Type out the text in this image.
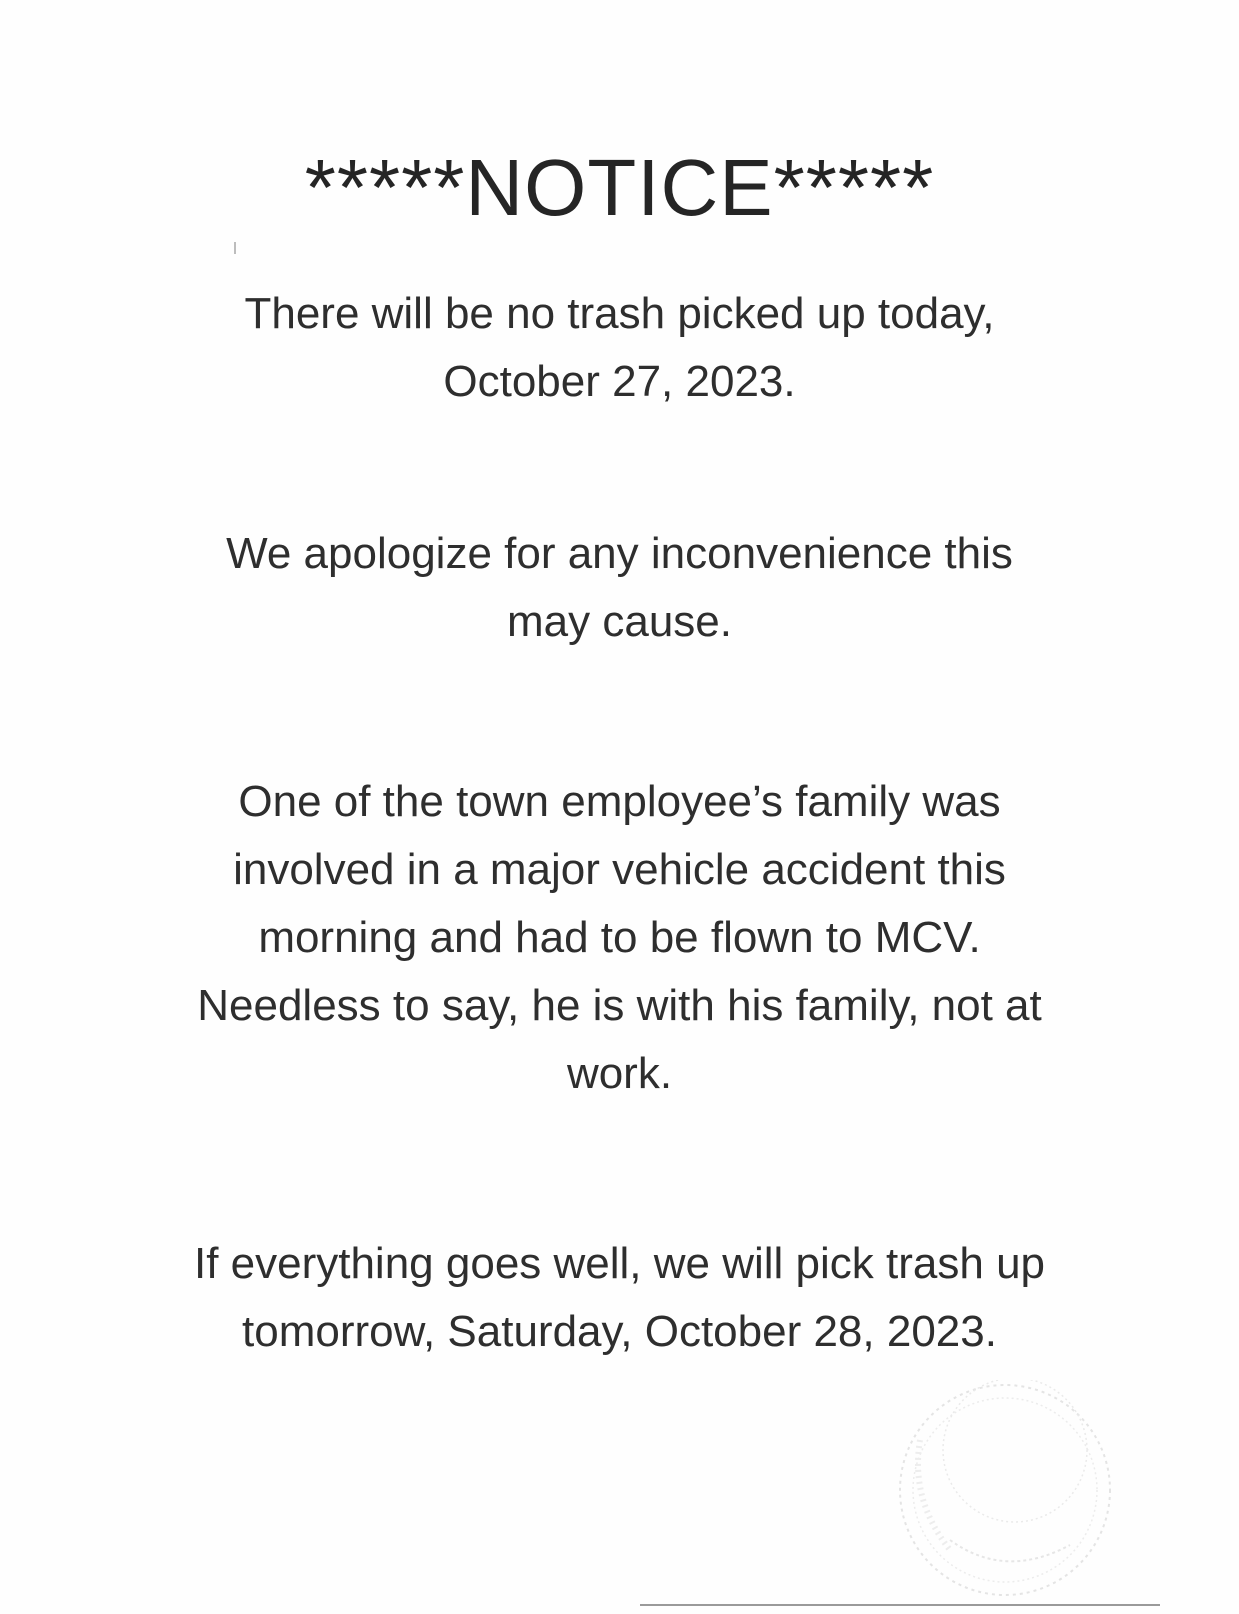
*****NOTICE*****
There will be no trash picked up today,
October 27, 2023.
We apologize for any inconvenience this
may cause.
One of the town employee’s family was
involved in a major vehicle accident this
morning and had to be flown to MCV.
Needless to say, he is with his family, not at
work.
If everything goes well, we will pick trash up
tomorrow, Saturday, October 28, 2023.
